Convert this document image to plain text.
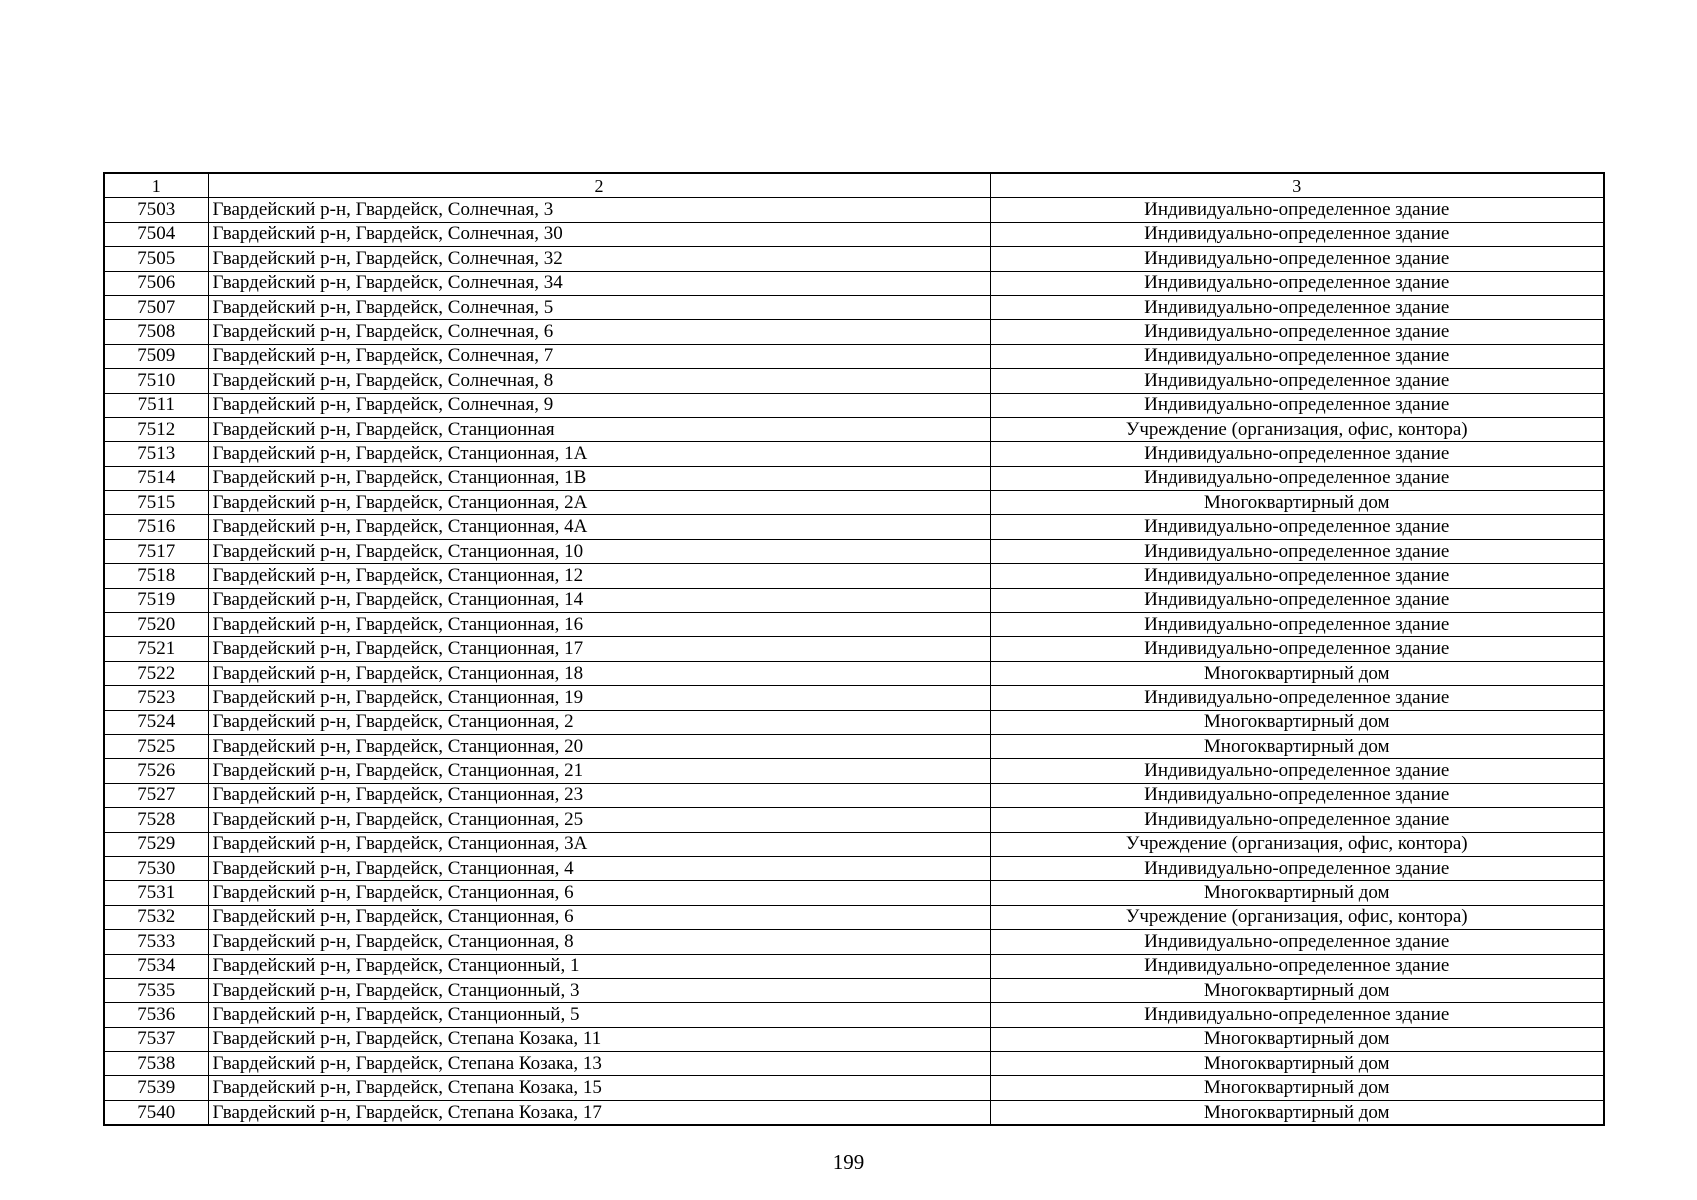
1	2	3
7503	Гвардейский р-н, Гвардейск, Солнечная, 3	Индивидуально-определенное здание
7504	Гвардейский р-н, Гвардейск, Солнечная, 30	Индивидуально-определенное здание
7505	Гвардейский р-н, Гвардейск, Солнечная, 32	Индивидуально-определенное здание
7506	Гвардейский р-н, Гвардейск, Солнечная, 34	Индивидуально-определенное здание
7507	Гвардейский р-н, Гвардейск, Солнечная, 5	Индивидуально-определенное здание
7508	Гвардейский р-н, Гвардейск, Солнечная, 6	Индивидуально-определенное здание
7509	Гвардейский р-н, Гвардейск, Солнечная, 7	Индивидуально-определенное здание
7510	Гвардейский р-н, Гвардейск, Солнечная, 8	Индивидуально-определенное здание
7511	Гвардейский р-н, Гвардейск, Солнечная, 9	Индивидуально-определенное здание
7512	Гвардейский р-н, Гвардейск, Станционная	Учреждение (организация, офис, контора)
7513	Гвардейский р-н, Гвардейск, Станционная, 1А	Индивидуально-определенное здание
7514	Гвардейский р-н, Гвардейск, Станционная, 1В	Индивидуально-определенное здание
7515	Гвардейский р-н, Гвардейск, Станционная, 2А	Многоквартирный дом
7516	Гвардейский р-н, Гвардейск, Станционная, 4А	Индивидуально-определенное здание
7517	Гвардейский р-н, Гвардейск, Станционная, 10	Индивидуально-определенное здание
7518	Гвардейский р-н, Гвардейск, Станционная, 12	Индивидуально-определенное здание
7519	Гвардейский р-н, Гвардейск, Станционная, 14	Индивидуально-определенное здание
7520	Гвардейский р-н, Гвардейск, Станционная, 16	Индивидуально-определенное здание
7521	Гвардейский р-н, Гвардейск, Станционная, 17	Индивидуально-определенное здание
7522	Гвардейский р-н, Гвардейск, Станционная, 18	Многоквартирный дом
7523	Гвардейский р-н, Гвардейск, Станционная, 19	Индивидуально-определенное здание
7524	Гвардейский р-н, Гвардейск, Станционная, 2	Многоквартирный дом
7525	Гвардейский р-н, Гвардейск, Станционная, 20	Многоквартирный дом
7526	Гвардейский р-н, Гвардейск, Станционная, 21	Индивидуально-определенное здание
7527	Гвардейский р-н, Гвардейск, Станционная, 23	Индивидуально-определенное здание
7528	Гвардейский р-н, Гвардейск, Станционная, 25	Индивидуально-определенное здание
7529	Гвардейский р-н, Гвардейск, Станционная, 3А	Учреждение (организация, офис, контора)
7530	Гвардейский р-н, Гвардейск, Станционная, 4	Индивидуально-определенное здание
7531	Гвардейский р-н, Гвардейск, Станционная, 6	Многоквартирный дом
7532	Гвардейский р-н, Гвардейск, Станционная, 6	Учреждение (организация, офис, контора)
7533	Гвардейский р-н, Гвардейск, Станционная, 8	Индивидуально-определенное здание
7534	Гвардейский р-н, Гвардейск, Станционный, 1	Индивидуально-определенное здание
7535	Гвардейский р-н, Гвардейск, Станционный, 3	Многоквартирный дом
7536	Гвардейский р-н, Гвардейск, Станционный, 5	Индивидуально-определенное здание
7537	Гвардейский р-н, Гвардейск, Степана Козака, 11	Многоквартирный дом
7538	Гвардейский р-н, Гвардейск, Степана Козака, 13	Многоквартирный дом
7539	Гвардейский р-н, Гвардейск, Степана Козака, 15	Многоквартирный дом
7540	Гвардейский р-н, Гвардейск, Степана Козака, 17	Многоквартирный дом
199
